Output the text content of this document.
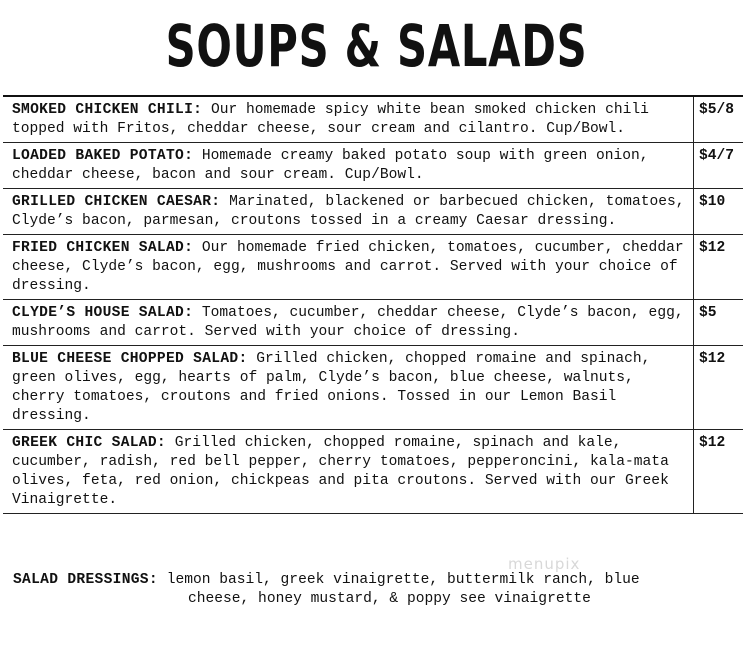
SOUPS & SALADS
SMOKED CHICKEN CHILI: Our homemade spicy white bean smoked chicken chili topped with Fritos, cheddar cheese, sour cream and cilantro. Cup/Bowl.	$5/8
LOADED BAKED POTATO: Homemade creamy baked potato soup with green onion, cheddar cheese, bacon and sour cream. Cup/Bowl.	$4/7
GRILLED CHICKEN CAESAR: Marinated, blackened or barbecued chicken, tomatoes, Clyde’s bacon, parmesan, croutons tossed in a creamy Caesar dressing.	$10
FRIED CHICKEN SALAD: Our homemade fried chicken, tomatoes, cucumber, cheddar cheese, Clyde’s bacon, egg, mushrooms and carrot. Served with your choice of dressing.	$12
CLYDE’S HOUSE SALAD: Tomatoes, cucumber, cheddar cheese, Clyde’s bacon, egg, mushrooms and carrot. Served with your choice of dressing.	$5
BLUE CHEESE CHOPPED SALAD: Grilled chicken, chopped romaine and spinach, green olives, egg, hearts of palm, Clyde’s bacon, blue cheese, walnuts, cherry tomatoes, croutons and fried onions. Tossed in our Lemon Basil dressing.	$12
GREEK CHIC SALAD: Grilled chicken, chopped romaine, spinach and kale, cucumber, radish, red bell pepper, cherry tomatoes, pepperoncini, kala-mata olives, feta, red onion, chickpeas and pita croutons. Served with our Greek Vinaigrette.	$12
SALAD DRESSINGS: lemon basil, greek vinaigrette, buttermilk ranch, blue
cheese, honey mustard, & poppy see vinaigrette
menupix
